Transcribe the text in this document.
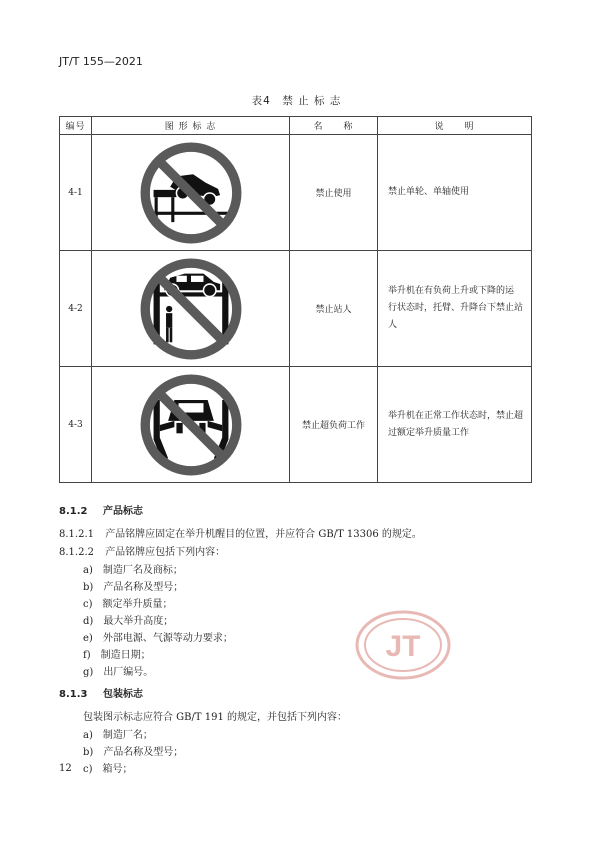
JT/T 155—2021
表4　禁 止 标 志
编号	图 形 标 志	名　　称	说　　明
4-1		禁止使用	禁止单轮、单轴使用

4-2		禁止站人	举升机在有负荷上升或下降的运
行状态时，托臂、升降台下禁止站人

4-3		禁止超负荷工作	举升机在正常工作状态时，禁止超
过额定举升质量工作
8.1.2 产品标志
8.1.2.1 产品铭牌应固定在举升机醒目的位置，并应符合 GB/T 13306 的规定。
8.1.2.2 产品铭牌应包括下列内容：
a) 制造厂名及商标；
b) 产品名称及型号；
c) 额定举升质量；
d) 最大举升高度；
e) 外部电源、气源等动力要求；
f) 制造日期；
g) 出厂编号。
8.1.3 包装标志
包装图示标志应符合 GB/T 191 的规定，并包括下列内容：
a) 制造厂名；
b) 产品名称及型号；
c) 箱号；
12
JT
